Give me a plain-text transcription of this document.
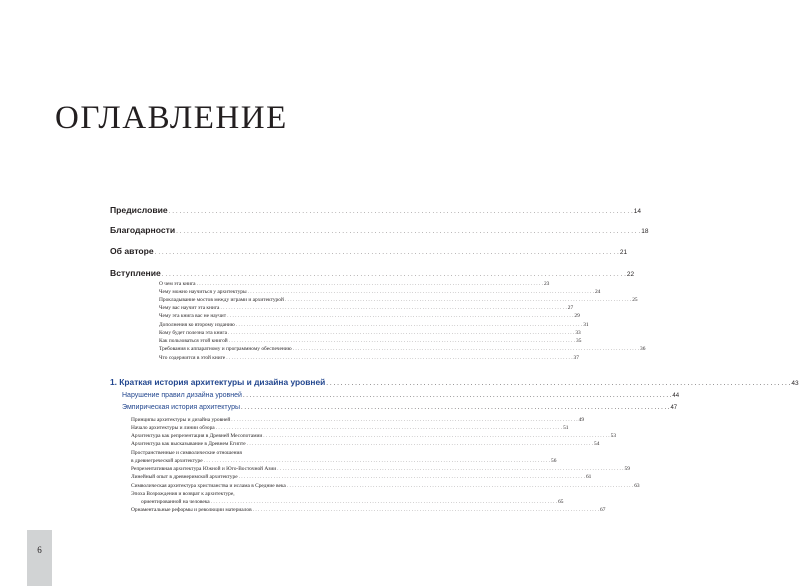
ОГЛАВЛЕНИЕ
Предисловие . . .	14
Благодарности . . .	18
Об авторе . . .	21
Вступление . . .	22
О чем эта книга . . .	23
Чему можно научиться у архитектуры . . .	24
Прокладывание мостов между играми и архитектурой . . .	25
Чему вас научит эта книга . . .	27
Чему эта книга вас не научит . . .	29
Дополнения ко второму изданию . . .	31
Кому будет полезна эта книга . . .	33
Как пользоваться этой книгой . . .	35
Требования к аппаратному и программному обеспечению . . .	36
Что содержится в этой книге . . .	37
1. Краткая история архитектуры и дизайна уровней . . .	43
Нарушение правил дизайна уровней . . .	44
Эмпирическая история архитектуры . . .	47
Принципы архитектуры и дизайна уровней . . .	49
Начало архитектуры и линии обзора . . .	51
Архитектура как репрезентация в Древней Месопотамии . . .	53
Архитектура как высказывание в Древнем Египте . . .	54
Пространственные и символические отношения
в древнегреческой архитектуре . . .	56
Репрезентативная архитектура Южной и Юго-Восточной Азии . . .	59
Линейный опыт в древнеримской архитектуре . . .	61
Символическая архитектура христианства и ислама в Средние века . . .	63
Эпоха Возрождения и возврат к архитектуре,
ориентированной на человека . . .	65
Орнаментальные реформы и революции материалов . . .	67
6
